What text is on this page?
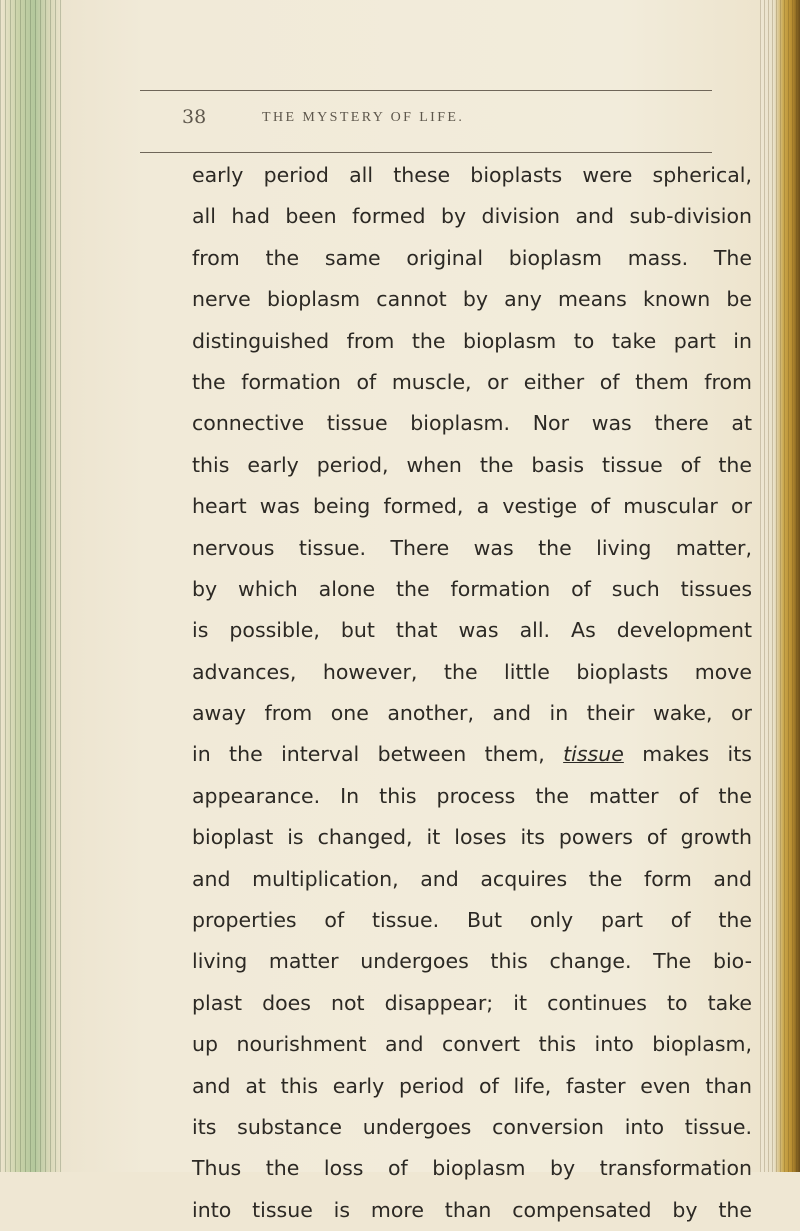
38	THE MYSTERY OF LIFE.
early period all these bioplasts were spherical,
all had been formed by division and sub-division
from the same original bioplasm mass. The
nerve bioplasm cannot by any means known be
distinguished from the bioplasm to take part in
the formation of muscle, or either of them from
connective tissue bioplasm. Nor was there at
this early period, when the basis tissue of the
heart was being formed, a vestige of muscular or
nervous tissue. There was the living matter,
by which alone the formation of such tissues
is possible, but that was all. As development
advances, however, the little bioplasts move
away from one another, and in their wake, or
in the interval between them, tissue makes its
appearance. In this process the matter of the
bioplast is changed, it loses its powers of growth
and multiplication, and acquires the form and
properties of tissue. But only part of the
living matter undergoes this change. The bio-
plast does not disappear; it continues to take
up nourishment and convert this into bioplasm,
and at this early period of life, faster even than
its substance undergoes conversion into tissue.
Thus the loss of bioplasm by transformation
into tissue is more than compensated by the
